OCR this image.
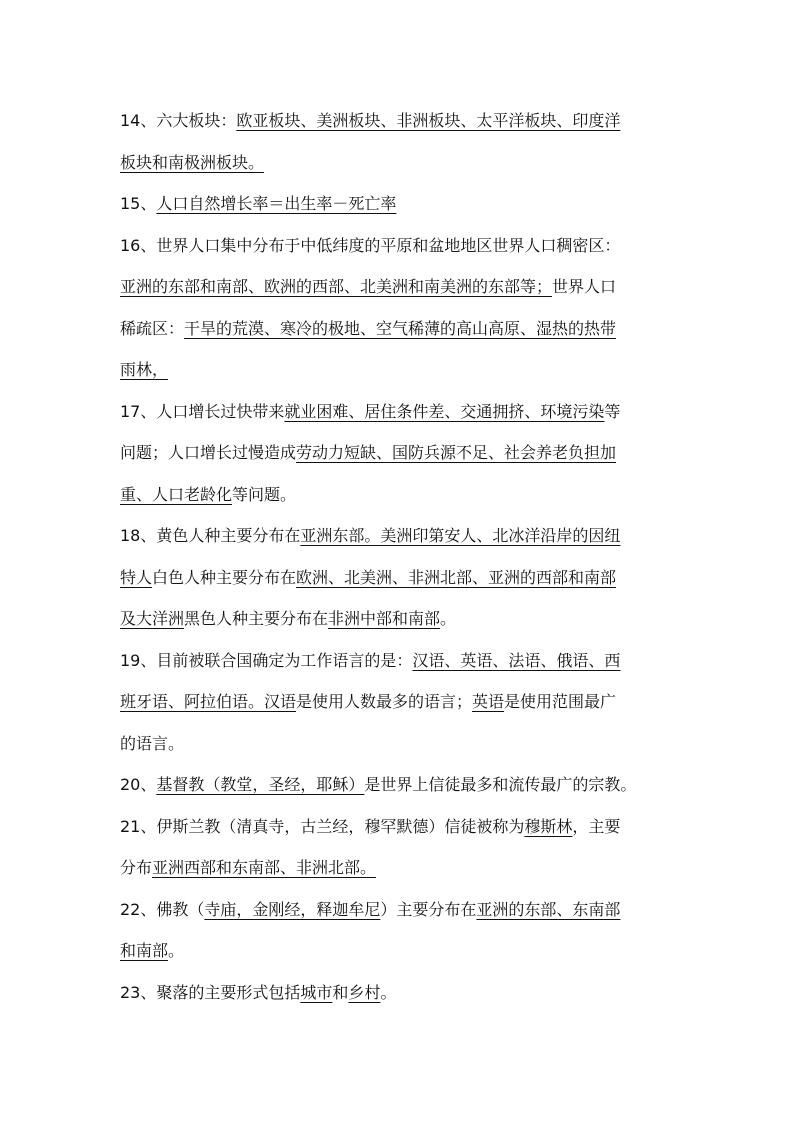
14、六大板块：欧亚板块、美洲板块、非洲板块、太平洋板块、印度洋
板块和南极洲板块。
15、人口自然增长率＝出生率－死亡率
16、世界人口集中分布于中低纬度的平原和盆地地区世界人口稠密区：
亚洲的东部和南部、欧洲的西部、北美洲和南美洲的东部等；世界人口
稀疏区：干旱的荒漠、寒冷的极地、空气稀薄的高山高原、湿热的热带
雨林，
17、人口增长过快带来就业困难、居住条件差、交通拥挤、环境污染等
问题；人口增长过慢造成劳动力短缺、国防兵源不足、社会养老负担加
重、人口老龄化等问题。
18、黄色人种主要分布在亚洲东部。美洲印第安人、北冰洋沿岸的因纽
特人白色人种主要分布在欧洲、北美洲、非洲北部、亚洲的西部和南部
及大洋洲黑色人种主要分布在非洲中部和南部。
19、目前被联合国确定为工作语言的是：汉语、英语、法语、俄语、西
班牙语、阿拉伯语。汉语是使用人数最多的语言；英语是使用范围最广
的语言。
20、基督教（教堂，圣经，耶稣）是世界上信徒最多和流传最广的宗教。
21、伊斯兰教（清真寺，古兰经，穆罕默德）信徒被称为穆斯林，主要
分布亚洲西部和东南部、非洲北部。
22、佛教（寺庙，金刚经，释迦牟尼）主要分布在亚洲的东部、东南部
和南部。
23、聚落的主要形式包括城市和乡村。
